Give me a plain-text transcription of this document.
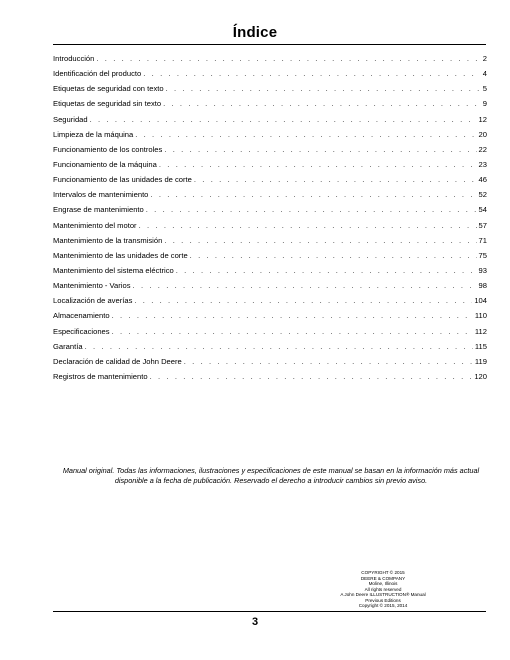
Índice
Introducción . . .	2
Identificación del producto . . .	4
Etiquetas de seguridad con texto . . .	5
Etiquetas de seguridad sin texto . . .	9
Seguridad . . .	12
Limpieza de la máquina . . .	20
Funcionamiento de los controles . . .	22
Funcionamiento de la máquina . . .	23
Funcionamiento de las unidades de corte . . .	46
Intervalos de mantenimiento . . .	52
Engrase de mantenimiento . . .	54
Mantenimiento del motor . . .	57
Mantenimiento de la transmisión . . .	71
Mantenimiento de las unidades de corte . . .	75
Mantenimiento del sistema eléctrico . . .	93
Mantenimiento - Varios . . .	98
Localización de averías . . .	104
Almacenamiento . . .	110
Especificaciones . . .	112
Garantía . . .	115
Declaración de calidad de John Deere . . .	119
Registros de mantenimiento . . .	120
Manual original. Todas las informaciones, ilustraciones y especificaciones de este manual se basan en la información más actual disponible a la fecha de publicación. Reservado el derecho a introducir cambios sin previo aviso.
COPYRIGHT © 2015
DEERE & COMPANY
Moline, Illinois
All rights reserved
A John Deere ILLUSTRUCTION® Manual
Previous Editions
Copyright © 2015, 2014
3
